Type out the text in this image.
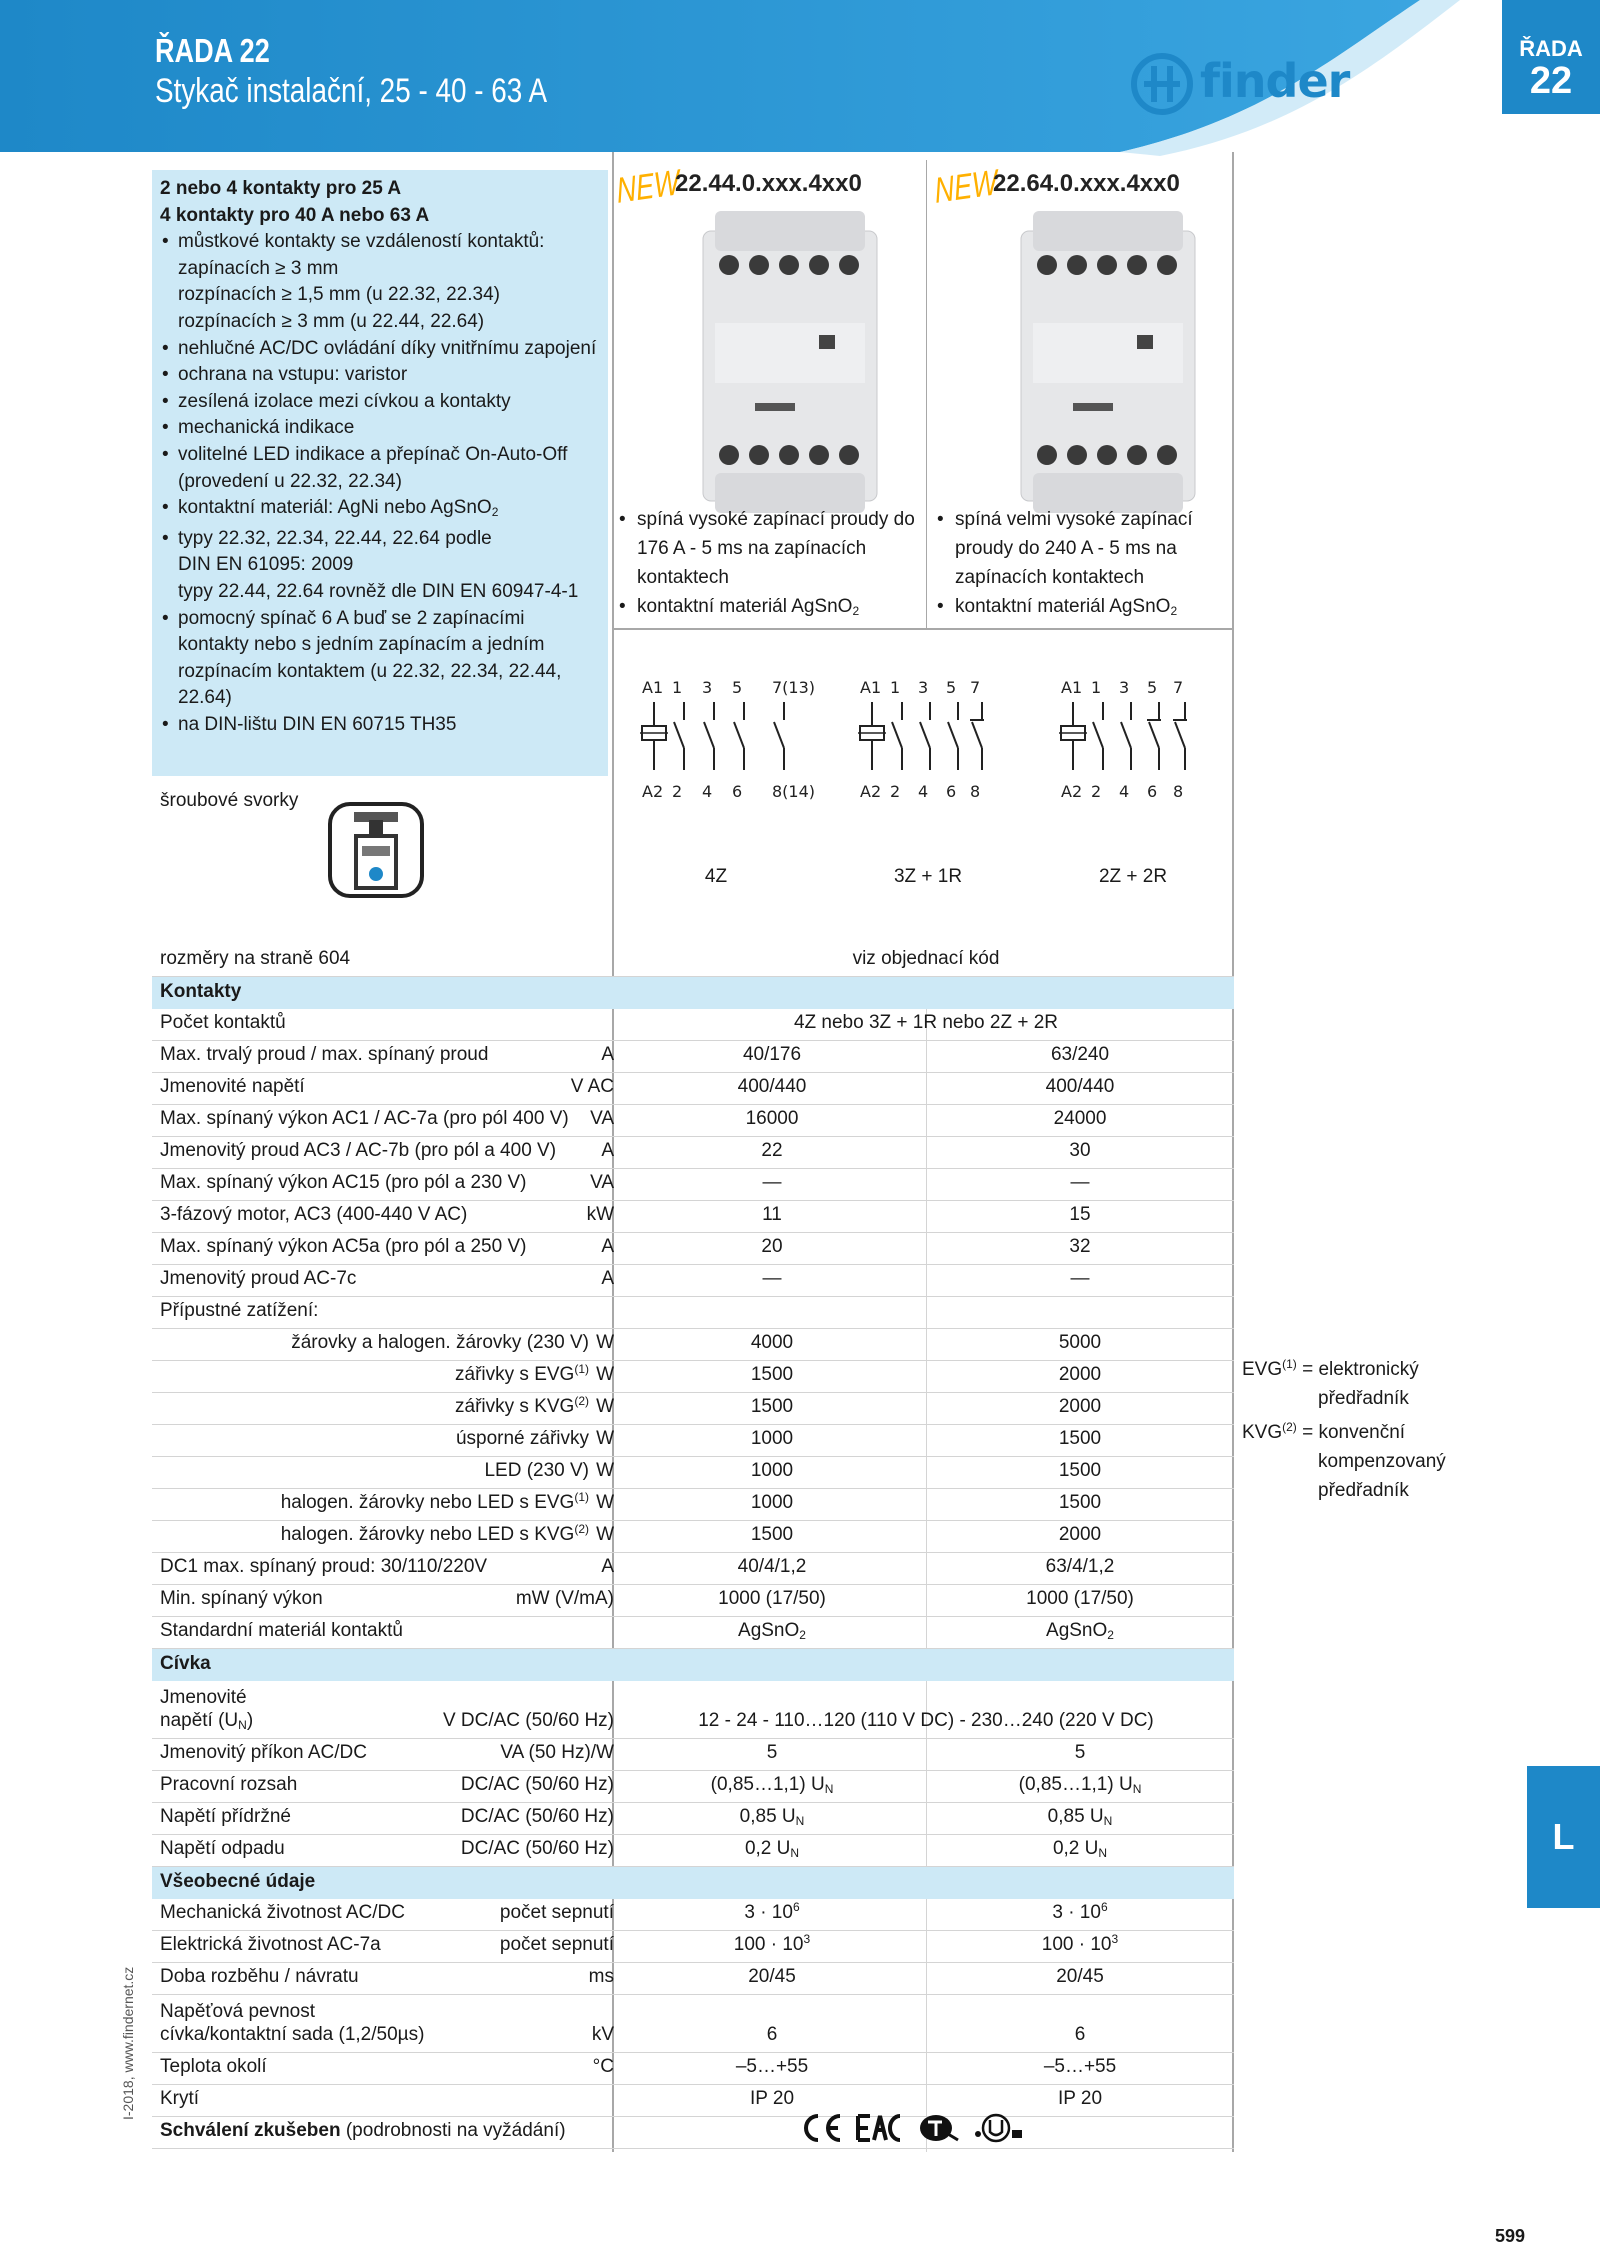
ŘADA 22
Stykač instalační, 25 - 40 - 63 A	finder
ŘADA
22
2 nebo 4 kontakty pro 25 A
4 kontakty pro 40 A nebo 63 A
• můstkové kontakty se vzdáleností kontaktů:
zapínacích ≥ 3 mm
rozpínacích ≥ 1,5 mm (u 22.32, 22.34)
rozpínacích ≥ 3 mm (u 22.44, 22.64)
• nehlučné AC/DC ovládání díky vnitřnímu zapojení
• ochrana na vstupu: varistor
• zesílená izolace mezi cívkou a kontakty
• mechanická indikace
• volitelné LED indikace a přepínač On-Auto-Off (provedení u 22.32, 22.34)
• kontaktní materiál: AgNi nebo AgSnO2
• typy 22.32, 22.34, 22.44, 22.64 podle
DIN EN 61095: 2009
typy 22.44, 22.64 rovněž dle DIN EN 60947-4-1
• pomocný spínač 6 A buď se 2 zapínacími kontakty nebo s jedním zapínacím a jedním rozpínacím kontaktem (u 22.32, 22.34, 22.44, 22.64)
• na DIN-lištu DIN EN 60715 TH35
šroubové svorky
NEW
22.44.0.xxx.4xx0
• spíná vysoké zapínací proudy do 176 A - 5 ms na zapínacích kontaktech
• kontaktní materiál AgSnO2
NEW
22.64.0.xxx.4xx0
• spíná velmi vysoké zapínací proudy do 240 A - 5 ms na zapínacích kontaktech
• kontaktní materiál AgSnO2
A1 1 3 5 7(13)
A2 2 4 6 8(14)
A1 1 3 5 7
A2 2 4 6 8
A1 1 3 5 7
A2 2 4 6 8
4Z	3Z + 1R	2Z + 2R
rozměry na straně 604	viz objednací kód
Kontakty
Počet kontaktů	4Z nebo 3Z + 1R nebo 2Z + 2R
Max. trvalý proud / max. spínaný proud	A	40/176	63/240
Jmenovité napětí	V AC	400/440	400/440
Max. spínaný výkon AC1 / AC-7a (pro pól 400 V) VA	16000	24000
Jmenovitý proud AC3 / AC-7b (pro pól a 400 V) A	22	30
Max. spínaný výkon AC15 (pro pól a 230 V)	VA	—	—
3-fázový motor, AC3 (400-440 V AC)	kW	11	15
Max. spínaný výkon AC5a (pro pól a 250 V)	A	20	32
Jmenovitý proud AC-7c	A	—	—
Přípustné zatížení:
žárovky a halogen. žárovky (230 V) W	4000	5000
zářivky s EVG$^{(1)}$ W	1500	2000
zářivky s KVG$^{(2)}$ W	1500	2000
úsporné zářivky W	1000	1500
LED (230 V) W	1000	1500
halogen. žárovky nebo LED s EVG$^{(1)}$ W	1000	1500
halogen. žárovky nebo LED s KVG$^{(2)}$ W	1500	2000
DC1 max. spínaný proud: 30/110/220V	A	40/4/1,2	63/4/1,2
Min. spínaný výkon	mW (V/mA)	1000 (17/50)	1000 (17/50)
Standardní materiál kontaktů	AgSnO2	AgSnO2
Cívka
Jmenovité
napětí (UN)	V DC/AC (50/60 Hz)	12 - 24 - 110…120 (110 V DC) - 230…240 (220 V DC)
Jmenovitý příkon AC/DC	VA (50 Hz)/W	5	5
Pracovní rozsah	DC/AC (50/60 Hz)	(0,85…1,1) UN	(0,85…1,1) UN
Napětí přídržné	DC/AC (50/60 Hz)	0,85 UN	0,85 UN
Napětí odpadu	DC/AC (50/60 Hz)	0,2 UN	0,2 UN
Všeobecné údaje
Mechanická životnost AC/DC	počet sepnutí	$3 \cdot 10^6$	$3 \cdot 10^6$
Elektrická životnost AC-7a	počet sepnutí	$100 \cdot 10^3$	$100 \cdot 10^3$
Doba rozběhu / návratu	ms	20/45	20/45
Napěťová pevnost
cívka/kontaktní sada (1,2/50µs)	kV	6	6
Teplota okolí	°C	–5…+55	–5…+55
Krytí	IP 20	IP 20
Schválení zkušeben (podrobnosti na vyžádání)
$EVG^{(1)}$ = elektronický
předřadník
$KVG^{(2)}$ = konvenční
kompenzovaný
předřadník
L
I-2018, www.findernet.cz
599
